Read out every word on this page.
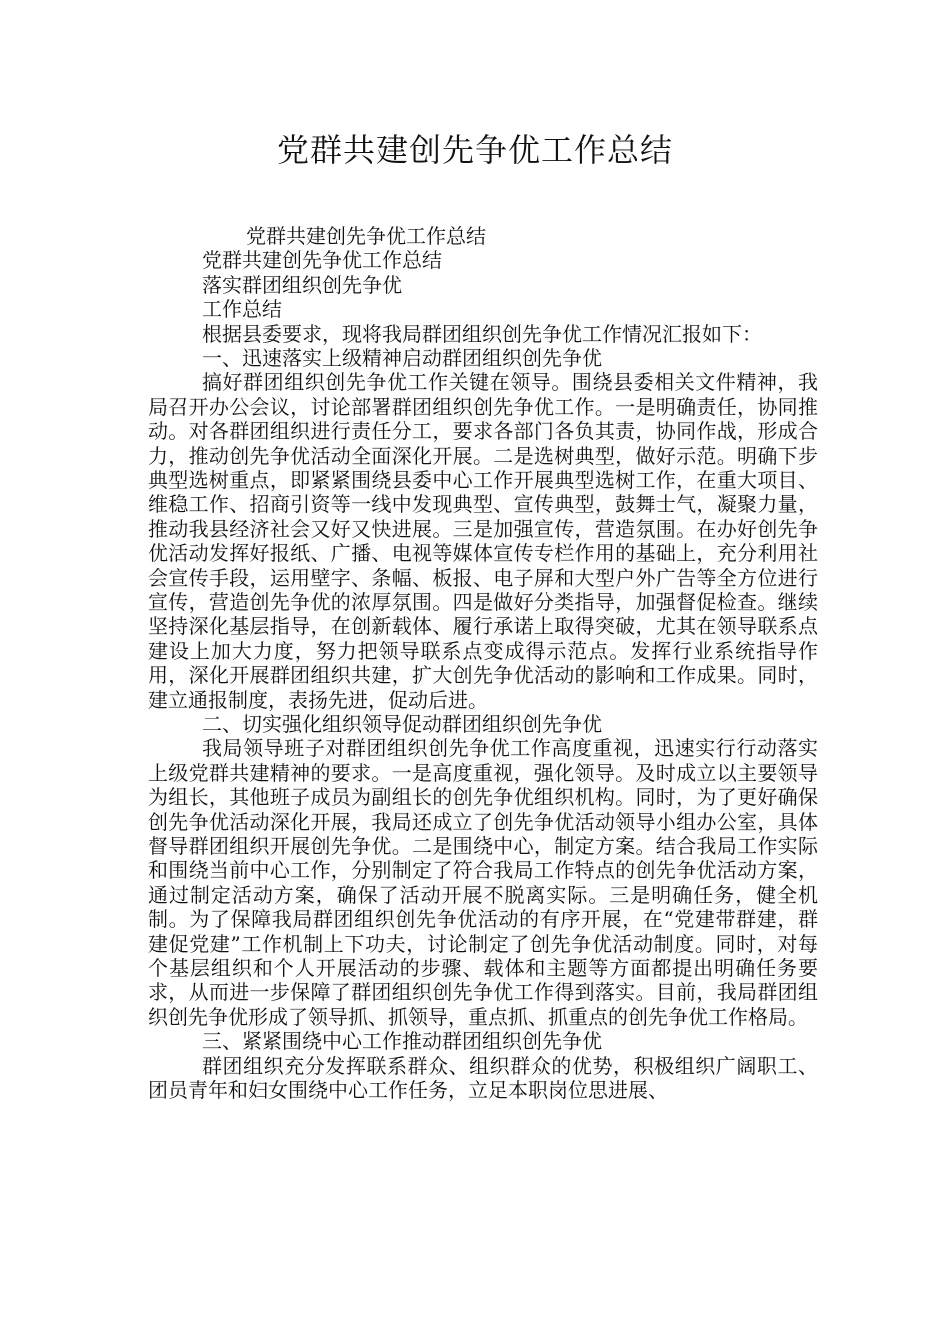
党群共建创先争优工作总结

党群共建创先争优工作总结

党群共建创先争优工作总结

落实群团组织创先争优

工作总结

根据县委要求，现将我局群团组织创先争优工作情况汇报如下：

一、迅速落实上级精神启动群团组织创先争优

搞好群团组织创先争优工作关键在领导。围绕县委相关文件精神，我局召开办公会议，讨论部署群团组织创先争优工作。一是明确责任，协同推动。对各群团组织进行责任分工，要求各部门各负其责，协同作战，形成合力，推动创先争优活动全面深化开展。二是选树典型，做好示范。明确下步典型选树重点，即紧紧围绕县委中心工作开展典型选树工作，在重大项目、维稳工作、招商引资等一线中发现典型、宣传典型，鼓舞士气，凝聚力量，推动我县经济社会又好又快进展。三是加强宣传，营造氛围。在办好创先争优活动发挥好报纸、广播、电视等媒体宣传专栏作用的基础上，充分利用社会宣传手段，运用壁字、条幅、板报、电子屏和大型户外广告等全方位进行宣传，营造创先争优的浓厚氛围。四是做好分类指导，加强督促检查。继续坚持深化基层指导，在创新载体、履行承诺上取得突破，尤其在领导联系点建设上加大力度，努力把领导联系点变成得示范点。发挥行业系统指导作用，深化开展群团组织共建，扩大创先争优活动的影响和工作成果。同时，建立通报制度，表扬先进，促动后进。

二、切实强化组织领导促动群团组织创先争优

我局领导班子对群团组织创先争优工作高度重视，迅速实行行动落实上级党群共建精神的要求。一是高度重视，强化领导。及时成立以主要领导为组长，其他班子成员为副组长的创先争优组织机构。同时，为了更好确保创先争优活动深化开展，我局还成立了创先争优活动领导小组办公室，具体督导群团组织开展创先争优。二是围绕中心，制定方案。结合我局工作实际和围绕当前中心工作，分别制定了符合我局工作特点的创先争优活动方案，通过制定活动方案，确保了活动开展不脱离实际。三是明确任务，健全机制。为了保障我局群团组织创先争优活动的有序开展，在“党建带群建，群建促党建”工作机制上下功夫，讨论制定了创先争优活动制度。同时，对每个基层组织和个人开展活动的步骤、载体和主题等方面都提出明确任务要求，从而进一步保障了群团组织创先争优工作得到落实。目前，我局群团组织创先争优形成了领导抓、抓领导，重点抓、抓重点的创先争优工作格局。

三、紧紧围绕中心工作推动群团组织创先争优

群团组织充分发挥联系群众、组织群众的优势，积极组织广阔职工、团员青年和妇女围绕中心工作任务，立足本职岗位思进展、
